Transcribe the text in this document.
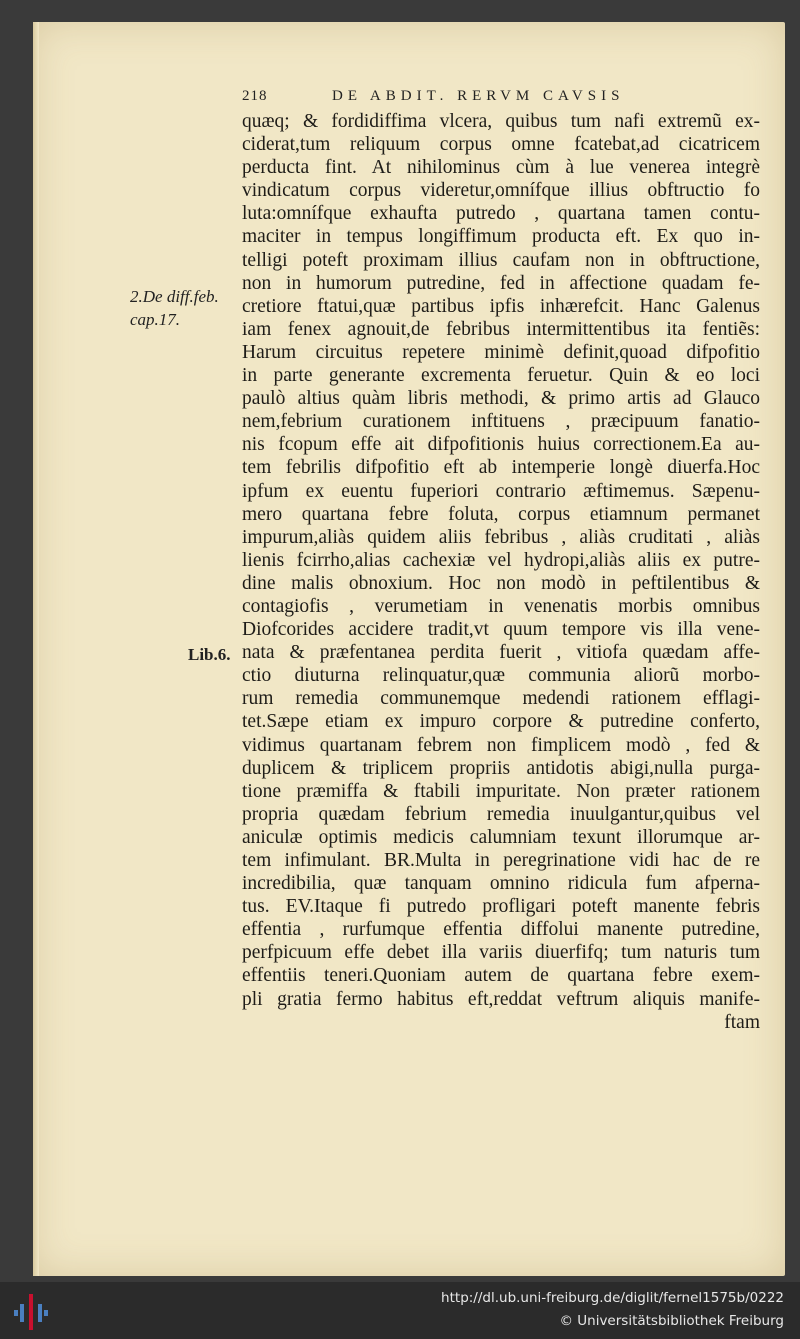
218	DE ABDIT. RERVM CAVSIS
2.De diff.feb.
cap.17.
Lib.6.
quæq; & fordidiffima vlcera, quibus tum nafi extremũ ex-
ciderat,tum reliquum corpus omne fcatebat,ad cicatricem
perducta fint. At nihilominus cùm à lue venerea integrè
vindicatum corpus videretur,omnífque illius obftructio fo
luta:omnífque exhaufta putredo , quartana tamen contu-
maciter in tempus longiffimum producta eft. Ex quo in-
telligi poteft proximam illius caufam non in obftructione,
non in humorum putredine, fed in affectione quadam fe-
cretiore ftatui,quæ partibus ipfis inhærefcit. Hanc Galenus
iam fenex agnouit,de febribus intermittentibus ita fentiẽs:
Harum circuitus repetere minimè definit,quoad difpofitio
in parte generante excrementa feruetur. Quin & eo loci
paulò altius quàm libris methodi, & primo artis ad Glauco
nem,febrium curationem inftituens , præcipuum fanatio-
nis fcopum effe ait difpofitionis huius correctionem.Ea au-
tem febrilis difpofitio eft ab intemperie longè diuerfa.Hoc
ipfum ex euentu fuperiori contrario æftimemus. Sæpenu-
mero quartana febre foluta, corpus etiamnum permanet
impurum,aliàs quidem aliis febribus , aliàs cruditati , aliàs
lienis fcirrho,alias cachexiæ vel hydropi,aliàs aliis ex putre-
dine malis obnoxium. Hoc non modò in peftilentibus &
contagiofis , verumetiam in venenatis morbis omnibus
Diofcorides accidere tradit,vt quum tempore vis illa vene-
nata & præfentanea perdita fuerit , vitiofa quædam affe-
ctio diuturna relinquatur,quæ communia aliorũ morbo-
rum remedia communemque medendi rationem efflagi-
tet.Sæpe etiam ex impuro corpore & putredine conferto,
vidimus quartanam febrem non fimplicem modò , fed &
duplicem & triplicem propriis antidotis abigi,nulla purga-
tione præmiffa & ftabili impuritate. Non præter rationem
propria quædam febrium remedia inuulgantur,quibus vel
aniculæ optimis medicis calumniam texunt illorumque ar-
tem infimulant. BR.Multa in peregrinatione vidi hac de re
incredibilia, quæ tanquam omnino ridicula fum afperna-
tus. EV.Itaque fi putredo profligari poteft manente febris
effentia , rurfumque effentia diffolui manente putredine,
perfpicuum effe debet illa variis diuerfifq; tum naturis tum
effentiis teneri.Quoniam autem de quartana febre exem-
pli gratia fermo habitus eft,reddat veftrum aliquis manife-
ftam
http://dl.ub.uni-freiburg.de/diglit/fernel1575b/0222
© Universitätsbibliothek Freiburg
